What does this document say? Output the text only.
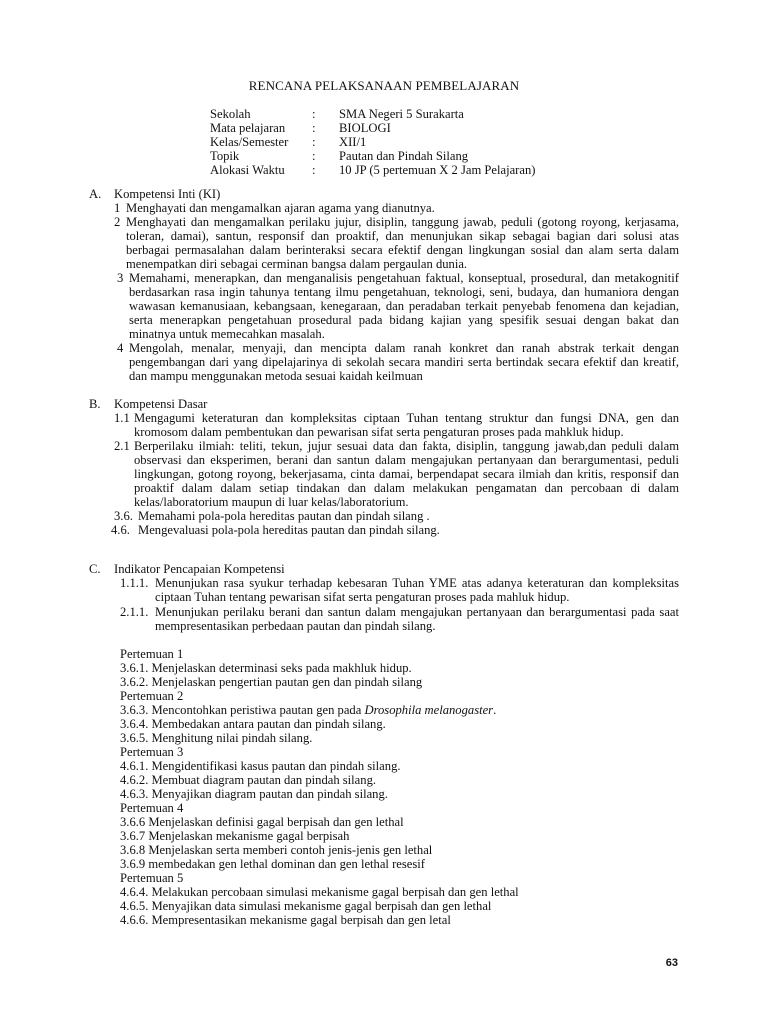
RENCANA PELAKSANAAN PEMBELAJARAN
Sekolah	:	SMA Negeri 5 Surakarta
Mata pelajaran	:	BIOLOGI
Kelas/Semester	:	XII/1
Topik	:	Pautan dan Pindah Silang
Alokasi Waktu	:	10 JP (5 pertemuan X 2 Jam Pelajaran)
A.	Kompetensi Inti (KI)
1 Menghayati dan mengamalkan ajaran agama yang dianutnya.
2 Menghayati dan mengamalkan perilaku jujur, disiplin, tanggung jawab, peduli (gotong royong, kerjasama, toleran, damai), santun, responsif dan proaktif, dan menunjukan sikap sebagai bagian dari solusi atas berbagai permasalahan dalam berinteraksi secara efektif dengan lingkungan sosial dan alam serta dalam menempatkan diri sebagai cerminan bangsa dalam pergaulan dunia.
3 Memahami, menerapkan, dan menganalisis pengetahuan faktual, konseptual, prosedural, dan metakognitif berdasarkan rasa ingin tahunya tentang ilmu pengetahuan, teknologi, seni, budaya, dan humaniora dengan wawasan kemanusiaan, kebangsaan, kenegaraan, dan peradaban terkait penyebab fenomena dan kejadian, serta menerapkan pengetahuan prosedural pada bidang kajian yang spesifik sesuai dengan bakat dan minatnya untuk memecahkan masalah.
4 Mengolah, menalar, menyaji, dan mencipta dalam ranah konkret dan ranah abstrak terkait dengan pengembangan dari yang dipelajarinya di sekolah secara mandiri serta bertindak secara efektif dan kreatif, dan mampu menggunakan metoda sesuai kaidah keilmuan
B.	Kompetensi Dasar
1.1 Mengagumi keteraturan dan kompleksitas ciptaan Tuhan tentang struktur dan fungsi DNA, gen dan kromosom dalam pembentukan dan pewarisan sifat serta pengaturan proses pada mahkluk hidup.
2.1 Berperilaku ilmiah: teliti, tekun, jujur sesuai data dan fakta, disiplin, tanggung jawab,dan peduli dalam observasi dan eksperimen, berani dan santun dalam mengajukan pertanyaan dan berargumentasi, peduli lingkungan, gotong royong, bekerjasama, cinta damai, berpendapat secara ilmiah dan kritis, responsif dan proaktif dalam dalam setiap tindakan dan dalam melakukan pengamatan dan percobaan di dalam kelas/laboratorium maupun di luar kelas/laboratorium.
3.6. Memahami pola-pola hereditas pautan dan pindah silang .
4.6. Mengevaluasi pola-pola hereditas pautan dan pindah silang.
C.	Indikator Pencapaian Kompetensi
1.1.1. Menunjukan rasa syukur terhadap kebesaran Tuhan YME atas adanya keteraturan dan kompleksitas ciptaan Tuhan tentang pewarisan sifat serta pengaturan proses pada mahluk hidup.
2.1.1. Menunjukan perilaku berani dan santun dalam mengajukan pertanyaan dan berargumentasi pada saat mempresentasikan perbedaan pautan dan pindah silang.
Pertemuan 1
3.6.1. Menjelaskan determinasi seks pada makhluk hidup.
3.6.2. Menjelaskan pengertian pautan gen dan pindah silang
Pertemuan 2
3.6.3. Mencontohkan peristiwa pautan gen pada Drosophila melanogaster.
3.6.4. Membedakan antara pautan dan pindah silang.
3.6.5. Menghitung nilai pindah silang.
Pertemuan 3
4.6.1. Mengidentifikasi kasus pautan dan pindah silang.
4.6.2. Membuat diagram pautan dan pindah silang.
4.6.3. Menyajikan diagram pautan dan pindah silang.
Pertemuan 4
3.6.6 Menjelaskan definisi gagal berpisah dan gen lethal
3.6.7 Menjelaskan mekanisme gagal berpisah
3.6.8 Menjelaskan serta memberi contoh jenis-jenis gen lethal
3.6.9 membedakan gen lethal dominan dan gen lethal resesif
Pertemuan 5
4.6.4. Melakukan percobaan simulasi mekanisme gagal berpisah dan gen lethal
4.6.5. Menyajikan data simulasi mekanisme gagal berpisah dan gen lethal
4.6.6. Mempresentasikan mekanisme gagal berpisah dan gen letal
63
